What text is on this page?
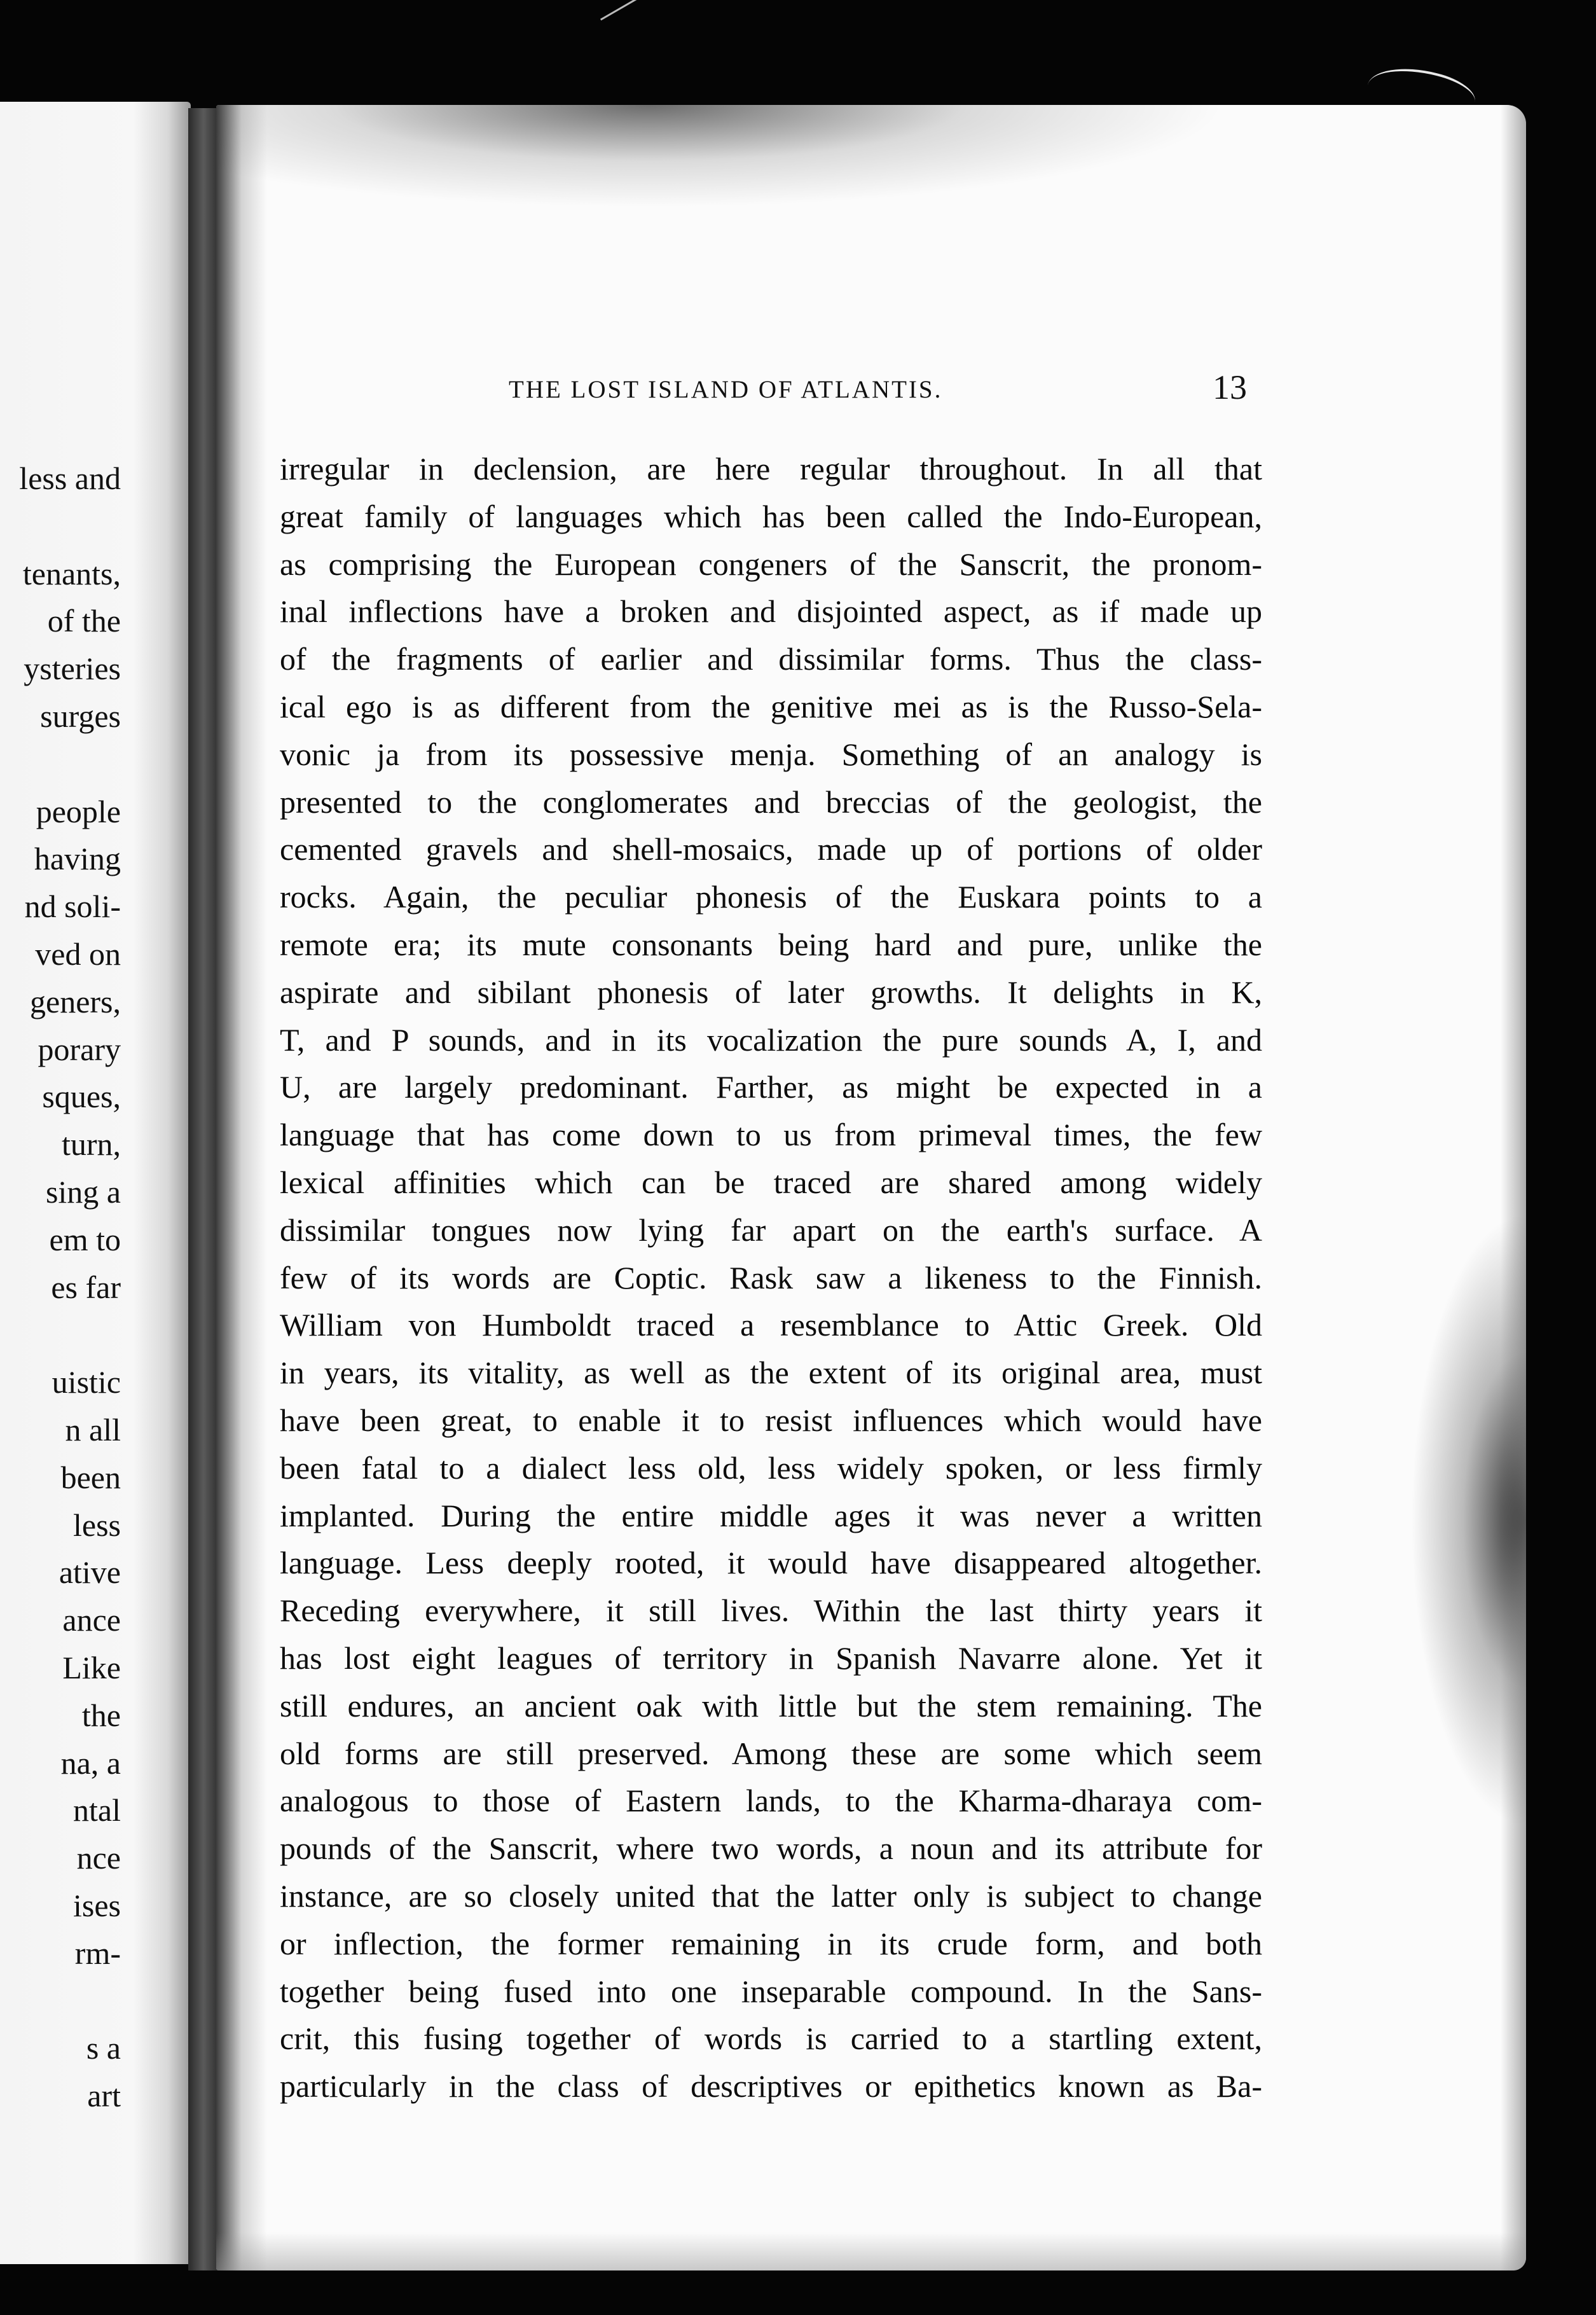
less and
tenants,
of the
ysteries
surges
people
having
nd soli-
ved on
geners,
porary
sques,
turn,
sing a
em to
es far
uistic
n all
been
less
ative
ance
Like
the
na, a
ntal
nce
ises
rm-
s a
art
THE LOST ISLAND OF ATLANTIS.	13
irregular in declension, are here regular throughout. In all that
great family of languages which has been called the Indo-European,
as comprising the European congeners of the Sanscrit, the pronom-
inal inflections have a broken and disjointed aspect, as if made up
of the fragments of earlier and dissimilar forms. Thus the class-
ical ego is as different from the genitive mei as is the Russo-Sela-
vonic ja from its possessive menja. Something of an analogy is
presented to the conglomerates and breccias of the geologist, the
cemented gravels and shell-mosaics, made up of portions of older
rocks. Again, the peculiar phonesis of the Euskara points to a
remote era; its mute consonants being hard and pure, unlike the
aspirate and sibilant phonesis of later growths. It delights in K,
T, and P sounds, and in its vocalization the pure sounds A, I, and
U, are largely predominant. Farther, as might be expected in a
language that has come down to us from primeval times, the few
lexical affinities which can be traced are shared among widely
dissimilar tongues now lying far apart on the earth's surface. A
few of its words are Coptic. Rask saw a likeness to the Finnish.
William von Humboldt traced a resemblance to Attic Greek. Old
in years, its vitality, as well as the extent of its original area, must
have been great, to enable it to resist influences which would have
been fatal to a dialect less old, less widely spoken, or less firmly
implanted. During the entire middle ages it was never a written
language. Less deeply rooted, it would have disappeared altogether.
Receding everywhere, it still lives. Within the last thirty years it
has lost eight leagues of territory in Spanish Navarre alone. Yet it
still endures, an ancient oak with little but the stem remaining. The
old forms are still preserved. Among these are some which seem
analogous to those of Eastern lands, to the Kharma-dharaya com-
pounds of the Sanscrit, where two words, a noun and its attribute for
instance, are so closely united that the latter only is subject to change
or inflection, the former remaining in its crude form, and both
together being fused into one inseparable compound. In the Sans-
crit, this fusing together of words is carried to a startling extent,
particularly in the class of descriptives or epithetics known as Ba-
